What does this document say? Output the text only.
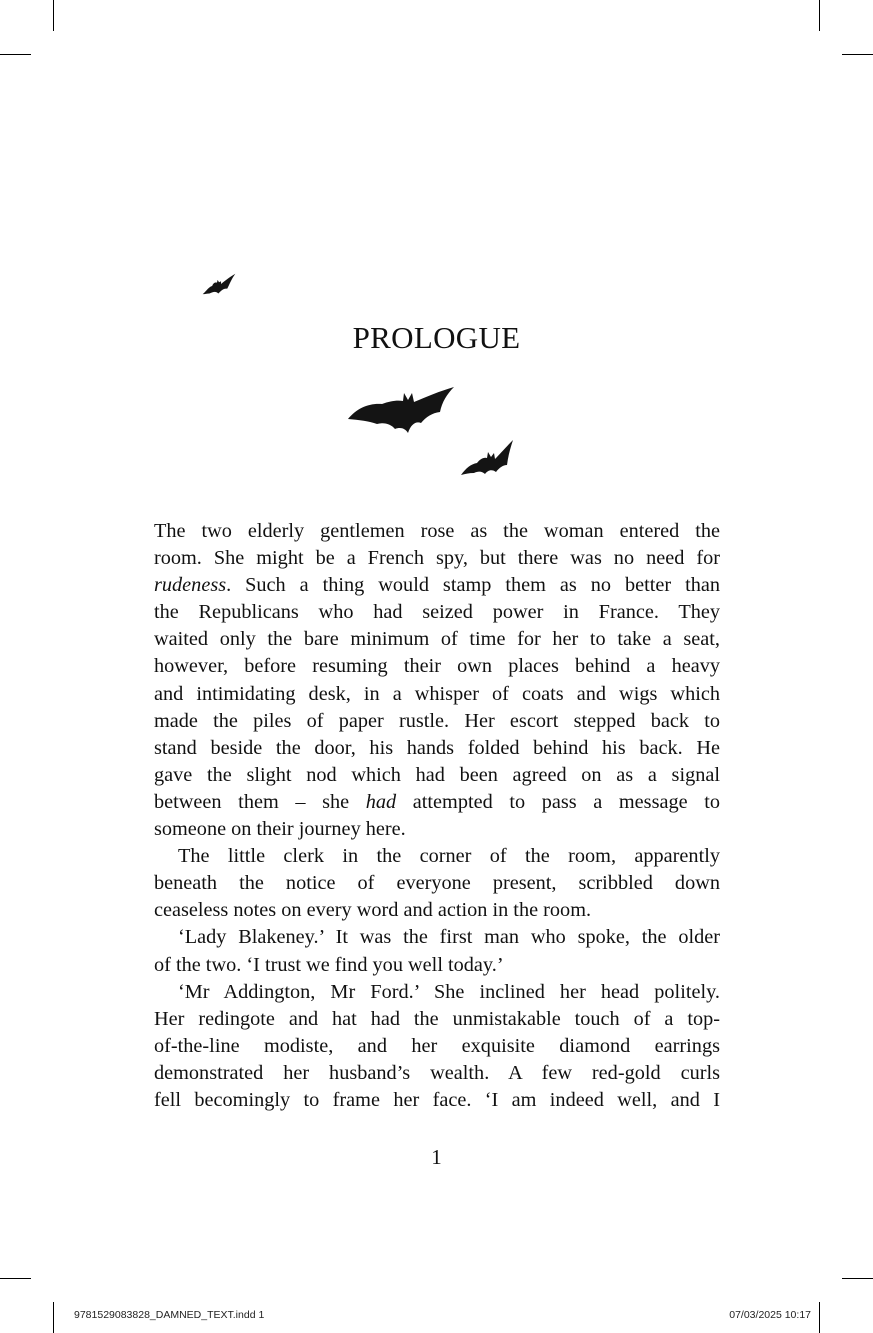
PROLOGUE
The two elderly gentlemen rose as the woman entered the
room. She might be a French spy, but there was no need for
rudeness. Such a thing would stamp them as no better than
the Republicans who had seized power in France. They
waited only the bare minimum of time for her to take a seat,
however, before resuming their own places behind a heavy
and intimidating desk, in a whisper of coats and wigs which
made the piles of paper rustle. Her escort stepped back to
stand beside the door, his hands folded behind his back. He
gave the slight nod which had been agreed on as a signal
between them – she had attempted to pass a message to
someone on their journey here.
The little clerk in the corner of the room, apparently
beneath the notice of everyone present, scribbled down
ceaseless notes on every word and action in the room.
‘Lady Blakeney.’ It was the first man who spoke, the older
of the two. ‘I trust we find you well today.’
‘Mr Addington, Mr Ford.’ She inclined her head politely.
Her redingote and hat had the unmistakable touch of a top-
of-the-line modiste, and her exquisite diamond earrings
demonstrated her husband’s wealth. A few red-gold curls
fell becomingly to frame her face. ‘I am indeed well, and I
1
9781529083828_DAMNED_TEXT.indd 1	07/03/2025 10:17
